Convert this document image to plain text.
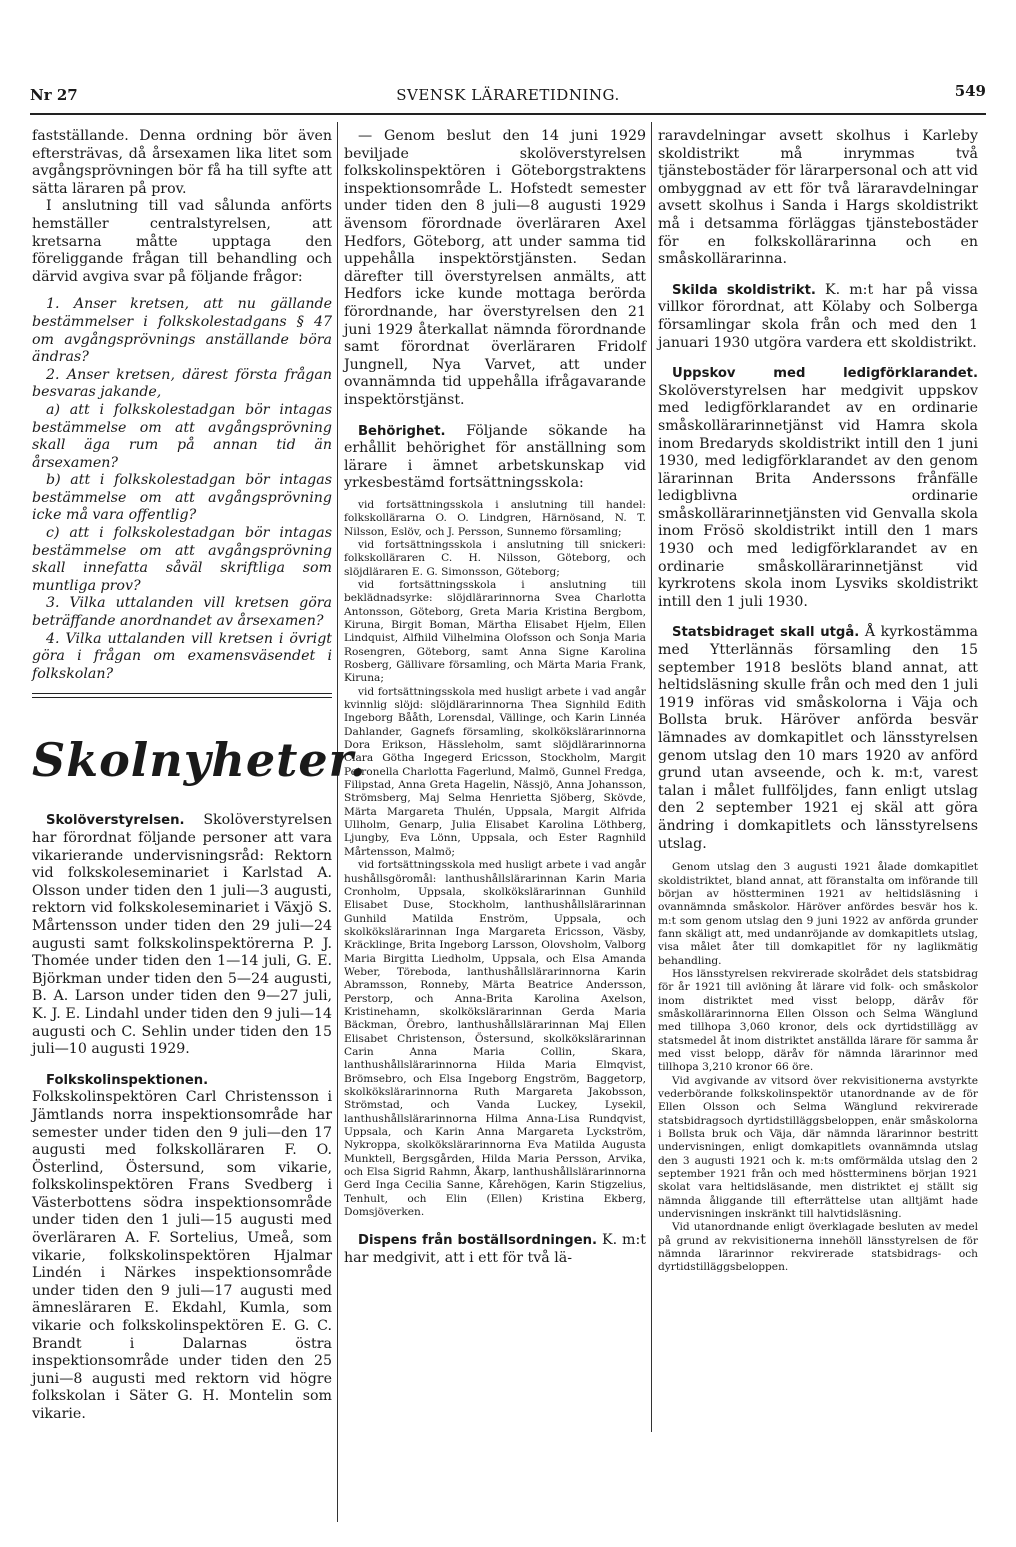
Nr 27	SVENSK LÄRARETIDNING.	549

fastställande. Denna ordning bör även eftersträvas, då årsexamen lika litet som avgångsprövningen bör få ha till syfte att sätta läraren på prov.

I anslutning till vad sålunda anförts hemställer centralstyrelsen, att kretsarna måtte upptaga den föreliggande frågan till behandling och därvid avgiva svar på följande frågor:

1. Anser kretsen, att nu gällande bestämmelser i folkskolestadgans § 47 om avgångsprövnings anställande böra ändras?

2. Anser kretsen, därest första frågan besvaras jakande,

a) att i folkskolestadgan bör intagas bestämmelse om att avgångsprövning skall äga rum på annan tid än årsexamen?

b) att i folkskolestadgan bör intagas bestämmelse om att avgångsprövning icke må vara offentlig?

c) att i folkskolestadgan bör intagas bestämmelse om att avgångsprövning skall innefatta såväl skriftliga som muntliga prov?

3. Vilka uttalanden vill kretsen göra beträffande anordnandet av årsexamen?

4. Vilka uttalanden vill kretsen i övrigt göra i frågan om examensväsendet i folkskolan?

Skolnyheter.

Skolöverstyrelsen. Skolöverstyrelsen har förordnat följande personer att vara vikarierande undervisningsråd: Rektorn vid folkskoleseminariet i Karlstad A. Olsson under tiden den 1 juli—3 augusti, rektorn vid folkskoleseminariet i Växjö S. Mårtensson under tiden den 29 juli—24 augusti samt folkskolinspektörerna P. J. Thomée under tiden den 1—14 juli, G. E. Björkman under tiden den 5—24 augusti, B. A. Larson under tiden den 9—27 juli, K. J. E. Lindahl under tiden den 9 juli—14 augusti och C. Sehlin under tiden den 15 juli—10 augusti 1929.

Folkskolinspektionen. Folkskolinspektören Carl Christensson i Jämtlands norra inspektionsområde har semester under tiden den 9 juli—den 17 augusti med folkskolläraren F. O. Österlind, Östersund, som vikarie, folkskolinspektören Frans Svedberg i Västerbottens södra inspektionsområde under tiden den 1 juli—15 augusti med överläraren A. F. Sortelius, Umeå, som vikarie, folkskolinspektören Hjalmar Lindén i Närkes inspektionsområde under tiden den 9 juli—17 augusti med ämnesläraren E. Ekdahl, Kumla, som vikarie och folkskolinspektören E. G. C. Brandt i Dalarnas östra inspektionsområde under tiden den 25 juni—8 augusti med rektorn vid högre folkskolan i Säter G. H. Montelin som vikarie.

— Genom beslut den 14 juni 1929 beviljade skolöverstyrelsen folkskolinspektören i Göteborgstraktens inspektionsområde L. Hofstedt semester under tiden den 8 juli—8 augusti 1929 ävensom förordnade överläraren Axel Hedfors, Göteborg, att under samma tid uppehålla inspektörstjänsten. Sedan därefter till överstyrelsen anmälts, att Hedfors icke kunde mottaga berörda förordnande, har överstyrelsen den 21 juni 1929 återkallat nämnda förordnande samt förordnat överläraren Fridolf Jungnell, Nya Varvet, att under ovannämnda tid uppehålla ifrågavarande inspektörstjänst.

Behörighet. Följande sökande ha erhållit behörighet för anställning som lärare i ämnet arbetskunskap vid yrkesbestämd fortsättningsskola:

vid fortsättningsskola i anslutning till handel: folkskollärarna O. O. Lindgren, Härnösand, N. T. Nilsson, Eslöv, och J. Persson, Sunnemo församling;

vid fortsättningsskola i anslutning till snickeri: folkskolläraren C. H. Nilsson, Göteborg, och slöjdläraren E. G. Simonsson, Göteborg;

vid fortsättningsskola i anslutning till beklädnadsyrke: slöjdlärarinnorna Svea Charlotta Antonsson, Göteborg, Greta Maria Kristina Bergbom, Kiruna, Birgit Boman, Märtha Elisabet Hjelm, Ellen Lindquist, Alfhild Vilhelmina Olofsson och Sonja Maria Rosengren, Göteborg, samt Anna Signe Karolina Rosberg, Gällivare församling, och Märta Maria Frank, Kiruna;

vid fortsättningsskola med husligt arbete i vad angår kvinnlig slöjd: slöjdlärarinnorna Thea Signhild Edith Ingeborg Bååth, Lorensdal, Vällinge, och Karin Linnéa Dahlander, Gagnefs församling, skolkökslärarinnorna Dora Erikson, Hässleholm, samt slöjdlärarinnorna Clara Götha Ingegerd Ericsson, Stockholm, Margit Petronella Charlotta Fagerlund, Malmö, Gunnel Fredga, Filipstad, Anna Greta Hagelin, Nässjö, Anna Johansson, Strömsberg, Maj Selma Henrietta Sjöberg, Skövde, Märta Margareta Thulén, Uppsala, Margit Alfrida Ullholm, Genarp, Julia Elisabet Karolina Löthberg, Ljungby, Eva Lönn, Uppsala, och Ester Ragnhild Mårtensson, Malmö;

vid fortsättningsskola med husligt arbete i vad angår hushållsgöromål: lanthushållslärarinnan Karin Maria Cronholm, Uppsala, skolkökslärarinnan Gunhild Elisabet Duse, Stockholm, lanthushållslärarinnan Gunhild Matilda Enström, Uppsala, och skolkökslärarinnan Inga Margareta Ericsson, Väsby, Kräcklinge, Brita Ingeborg Larsson, Olovsholm, Valborg Maria Birgitta Liedholm, Uppsala, och Elsa Amanda Weber, Töreboda, lanthushållslärarinnorna Karin Abramsson, Ronneby, Märta Beatrice Andersson, Perstorp, och Anna-Brita Karolina Axelson, Kristinehamn, skolkökslärarinnan Gerda Maria Bäckman, Örebro, lanthushållslärarinnan Maj Ellen Elisabet Christenson, Östersund, skolkökslärarinnan Carin Anna Maria Collin, Skara, lanthushållslärarinnorna Hilda Maria Elmqvist, Brömsebro, och Elsa Ingeborg Engström, Baggetorp, skolkökslärarinnorna Ruth Margareta Jakobsson, Strömstad, och Vanda Luckey, Lysekil, lanthushållslärarinnorna Hilma Anna-Lisa Rundqvist, Uppsala, och Karin Anna Margareta Lyckström, Nykroppa, skolkökslärarinnorna Eva Matilda Augusta Munktell, Bergsgården, Hilda Maria Persson, Arvika, och Elsa Sigrid Rahmn, Åkarp, lanthushållslärarinnorna Gerd Inga Cecilia Sanne, Kårehögen, Karin Stigzelius, Tenhult, och Elin (Ellen) Kristina Ekberg, Domsjöverken.

Dispens från boställsordningen. K. m:t har medgivit, att i ett för två lä-

raravdelningar avsett skolhus i Karleby skoldistrikt må inrymmas två tjänstebostäder för lärarpersonal och att vid ombyggnad av ett för två läraravdelningar avsett skolhus i Sanda i Hargs skoldistrikt må i detsamma förläggas tjänstebostäder för en folkskollärarinna och en småskollärarinna.

Skilda skoldistrikt. K. m:t har på vissa villkor förordnat, att Kölaby och Solberga församlingar skola från och med den 1 januari 1930 utgöra vardera ett skoldistrikt.

Uppskov med ledigförklarandet. Skolöverstyrelsen har medgivit uppskov med ledigförklarandet av en ordinarie småskollärarinnetjänst vid Hamra skola inom Bredaryds skoldistrikt intill den 1 juni 1930, med ledigförklarandet av den genom lärarinnan Brita Anderssons frånfälle ledigblivna ordinarie småskollärarinnetjänsten vid Genvalla skola inom Frösö skoldistrikt intill den 1 mars 1930 och med ledigförklarandet av en ordinarie småskollärarinnetjänst vid kyrkrotens skola inom Lysviks skoldistrikt intill den 1 juli 1930.

Statsbidraget skall utgå. Å kyrkostämma med Ytterlännäs församling den 15 september 1918 beslöts bland annat, att heltidsläsning skulle från och med den 1 juli 1919 införas vid småskolorna i Väja och Bollsta bruk. Häröver anförda besvär lämnades av domkapitlet och länsstyrelsen genom utslag den 10 mars 1920 av anförd grund utan avseende, och k. m:t, varest talan i målet fullföljdes, fann enligt utslag den 2 september 1921 ej skäl att göra ändring i domkapitlets och länsstyrelsens utslag.

Genom utslag den 3 augusti 1921 ålade domkapitlet skoldistriktet, bland annat, att föranstalta om införande till början av höstterminen 1921 av heltidsläsning i ovannämnda småskolor. Häröver anfördes besvär hos k. m:t som genom utslag den 9 juni 1922 av anförda grunder fann skäligt att, med undanröjande av domkapitlets utslag, visa målet åter till domkapitlet för ny laglikmätig behandling.

Hos länsstyrelsen rekvirerade skolrådet dels statsbidrag för år 1921 till avlöning åt lärare vid folk- och småskolor inom distriktet med visst belopp, däråv för småskollärarinnorna Ellen Olsson och Selma Wänglund med tillhopa 3,060 kronor, dels ock dyrtidstillägg av statsmedel åt inom distriktet anställda lärare för samma år med visst belopp, däråv för nämnda lärarinnor med tillhopa 3,210 kronor 66 öre.

Vid avgivande av vitsord över rekvisitionerna avstyrkte vederbörande folkskolinspektör utanordnande av de för Ellen Olsson och Selma Wänglund rekvirerade statsbidragsoch dyrtidstilläggsbeloppen, enär småskolorna i Bollsta bruk och Väja, där nämnda lärarinnor bestritt undervisningen, enligt domkapitlets ovannämnda utslag den 3 augusti 1921 och k. m:ts omförmälda utslag den 2 september 1921 från och med höstterminens början 1921 skolat vara heltidsläsande, men distriktet ej ställt sig nämnda åliggande till efterrättelse utan alltjämt hade undervisningen inskränkt till halvtidsläsning.

Vid utanordnande enligt överklagade besluten av medel på grund av rekvisitionerna innehöll länsstyrelsen de för nämnda lärarinnor rekvirerade statsbidrags- och dyrtidstilläggsbeloppen.
